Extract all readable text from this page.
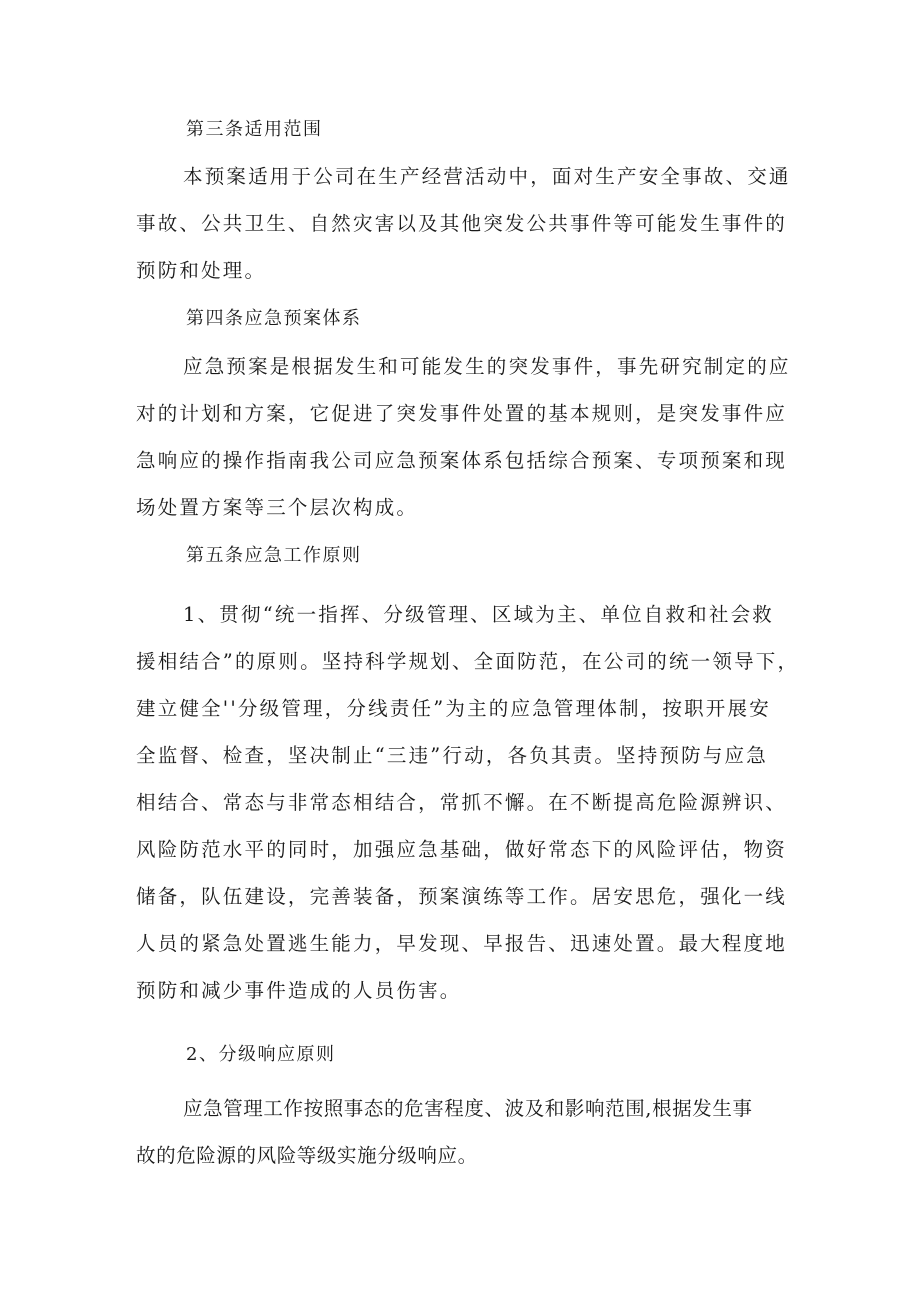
第三条适用范围
本预案适用于公司在生产经营活动中，面对生产安全事故、交通
事故、公共卫生、自然灾害以及其他突发公共事件等可能发生事件的
预防和处理。
第四条应急预案体系
应急预案是根据发生和可能发生的突发事件，事先研究制定的应
对的计划和方案，它促进了突发事件处置的基本规则，是突发事件应
急响应的操作指南我公司应急预案体系包括综合预案、专项预案和现
场处置方案等三个层次构成。
第五条应急工作原则
1、贯彻“统一指挥、分级管理、区域为主、单位自救和社会救
援相结合”的原则。坚持科学规划、全面防范，在公司的统一领导下，
建立健全''分级管理，分线责任”为主的应急管理体制，按职开展安
全监督、检查，坚决制止“三违”行动，各负其责。坚持预防与应急
相结合、常态与非常态相结合，常抓不懈。在不断提高危险源辨识、
风险防范水平的同时，加强应急基础，做好常态下的风险评估，物资
储备，队伍建设，完善装备，预案演练等工作。居安思危，强化一线
人员的紧急处置逃生能力，早发现、早报告、迅速处置。最大程度地
预防和减少事件造成的人员伤害。
2、分级响应原则
应急管理工作按照事态的危害程度、波及和影响范围,根据发生事
故的危险源的风险等级实施分级响应。
